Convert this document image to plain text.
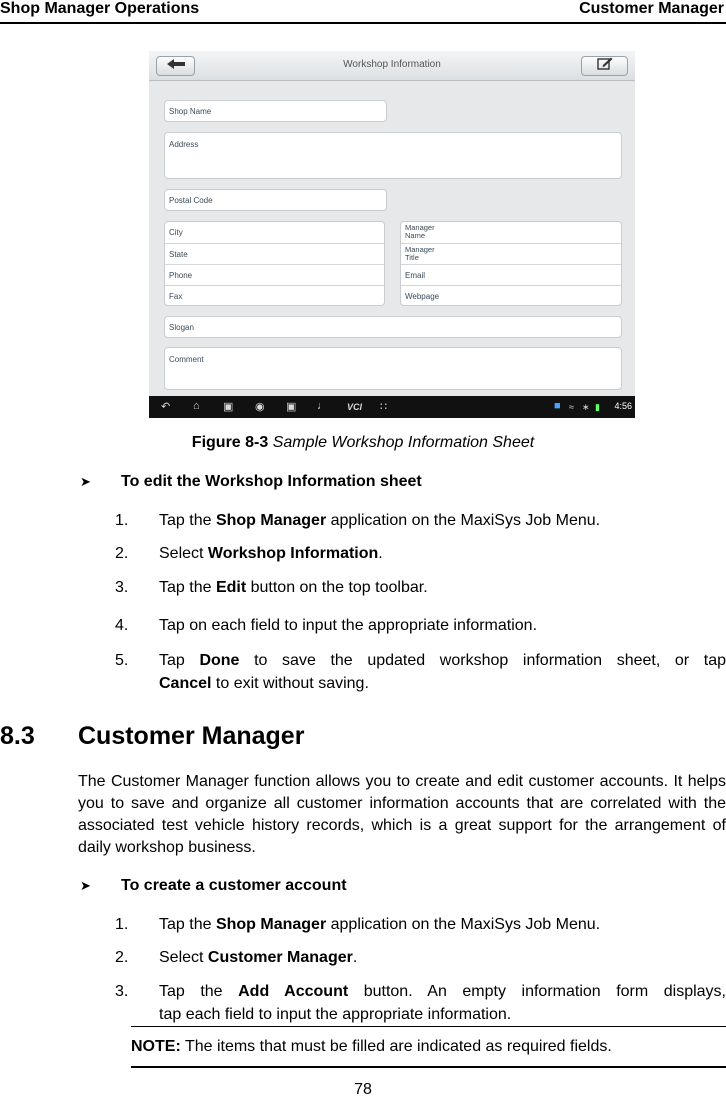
Shop Manager Operations	Customer Manager
Workshop Information
Shop Name
Address
Postal Code
City
State
Phone
Fax
Manager
Name
Manager
Title
Email
Webpage
Slogan
Comment
↶ ⌂ ▣ ◉ ▣ ♩ VCI ∷	■ ≈ ∗ ▮ 4:56
Figure 8-3 Sample Workshop Information Sheet
➤ To edit the Workshop Information sheet
1. Tap the Shop Manager application on the MaxiSys Job Menu.
2. Select Workshop Information.
3. Tap the Edit button on the top toolbar.
4. Tap on each field to input the appropriate information.
5. Tap Done to save the updated workshop information sheet, or tap
Cancel to exit without saving.
8.3 Customer Manager
The Customer Manager function allows you to create and edit customer accounts. It helps you to save and organize all customer information accounts that are correlated with the associated test vehicle history records, which is a great support for the arrangement of daily workshop business.
➤ To create a customer account
1. Tap the Shop Manager application on the MaxiSys Job Menu.
2. Select Customer Manager.
3. Tap the Add Account button. An empty information form displays,
tap each field to input the appropriate information.
NOTE: The items that must be filled are indicated as required fields.
78
